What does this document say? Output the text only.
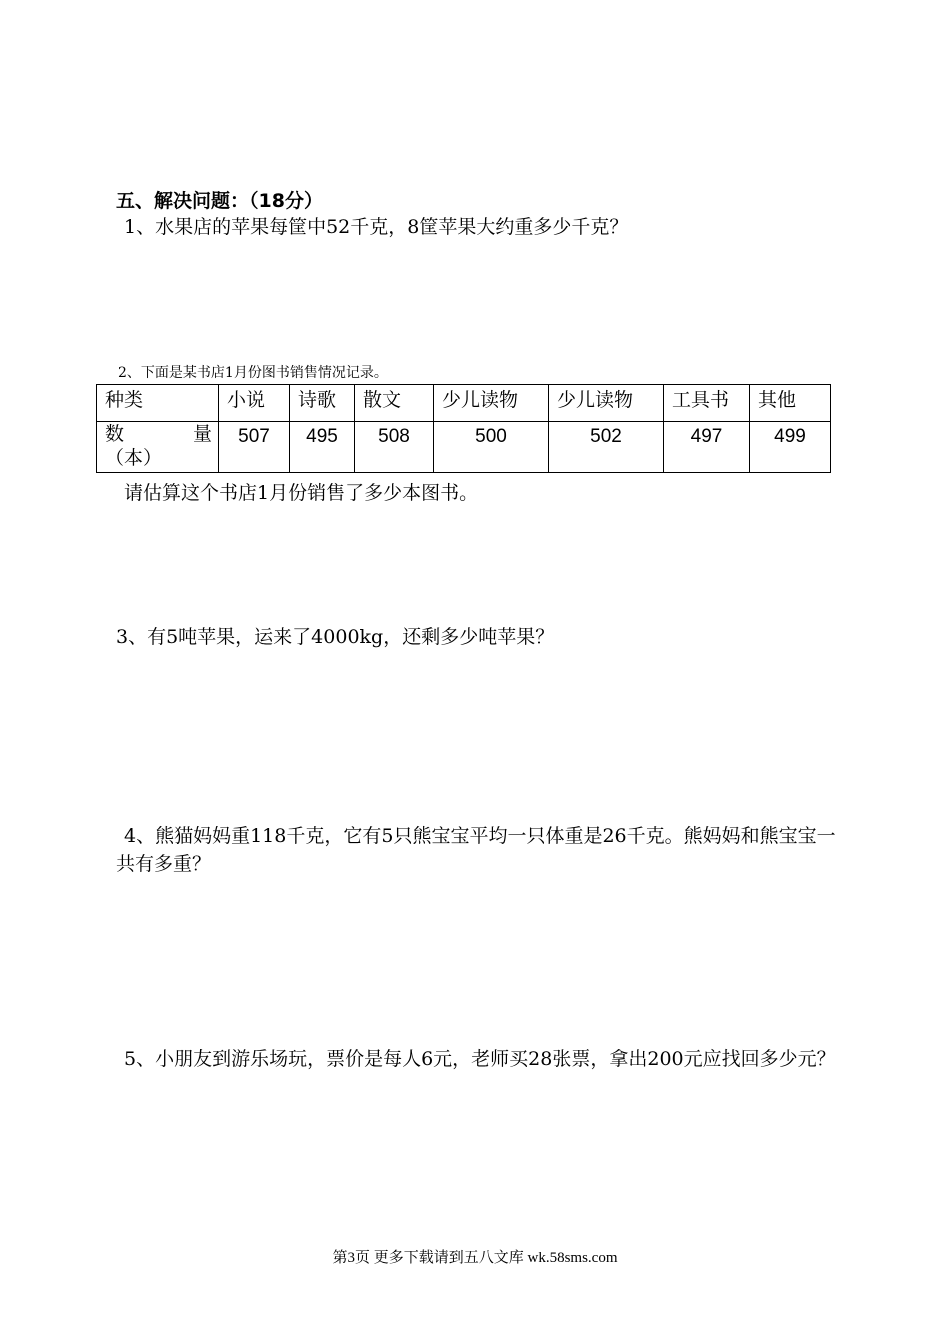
五、解决问题：（18分）
1、水果店的苹果每筐中52千克，8筐苹果大约重多少千克？
2、下面是某书店1月份图书销售情况记录。
种类	小说	诗歌	散文	少儿读物	少儿读物	工具书	其他

数 量
（本）	507	495	508	500	502	497	499
请估算这个书店1月份销售了多少本图书。
3、有5吨苹果，运来了4000kg，还剩多少吨苹果？
4、熊猫妈妈重118千克，它有5只熊宝宝平均一只体重是26千克。熊妈妈和熊宝宝一共有多重？
5、小朋友到游乐场玩，票价是每人6元，老师买28张票，拿出200元应找回多少元？
第3页 更多下载请到五八文库 wk.58sms.com
